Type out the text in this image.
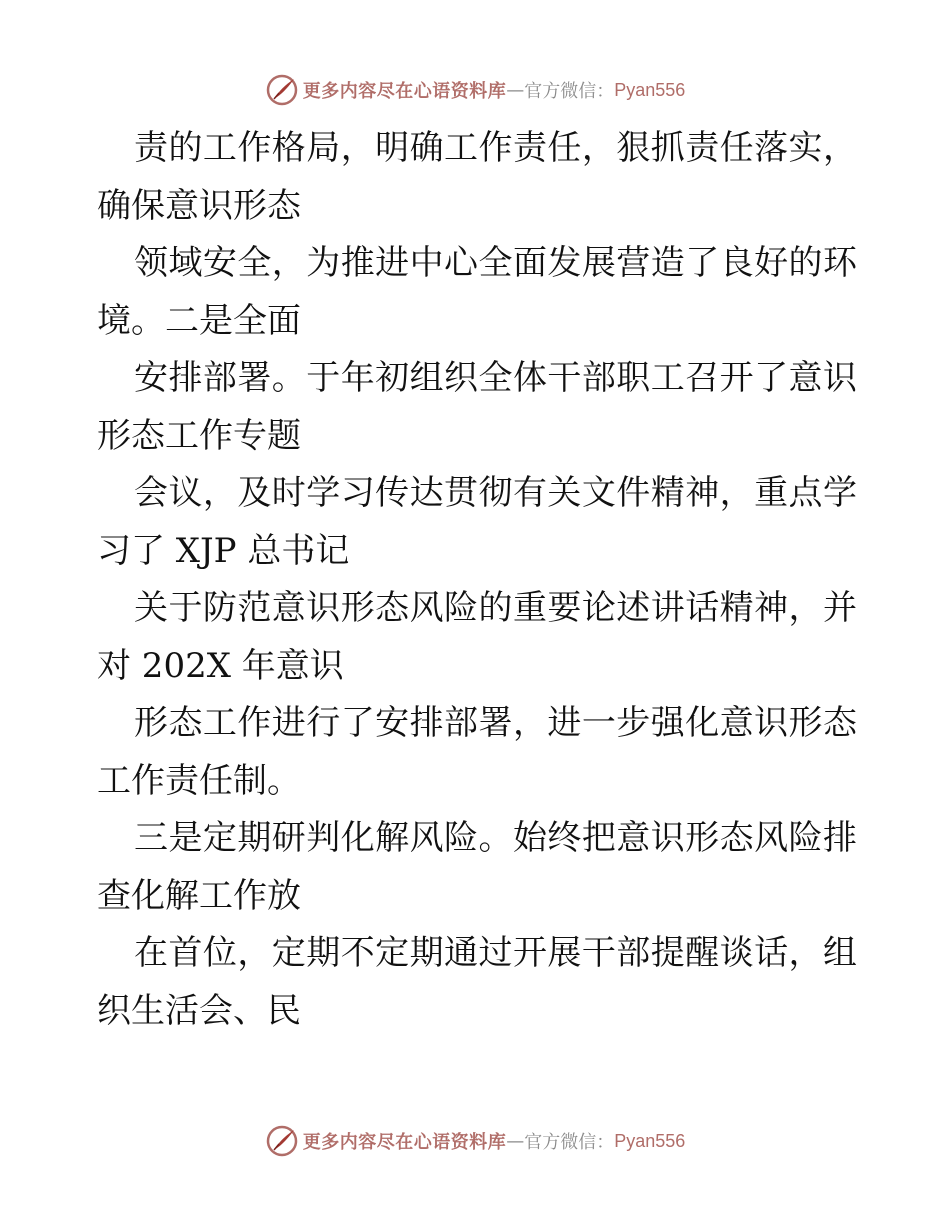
更多内容尽在心语资料库 — 官方微信： Pyan556
责的工作格局，明确工作责任，狠抓责任落实，
确保意识形态
领域安全，为推进中心全面发展营造了良好的环
境。二是全面
安排部署。于年初组织全体干部职工召开了意识
形态工作专题
会议，及时学习传达贯彻有关文件精神，重点学
习了 XJP 总书记
关于防范意识形态风险的重要论述讲话精神，并
对 202X 年意识
形态工作进行了安排部署，进一步强化意识形态
工作责任制。
三是定期研判化解风险。始终把意识形态风险排
查化解工作放
在首位，定期不定期通过开展干部提醒谈话，组
织生活会、民
更多内容尽在心语资料库 — 官方微信： Pyan556
